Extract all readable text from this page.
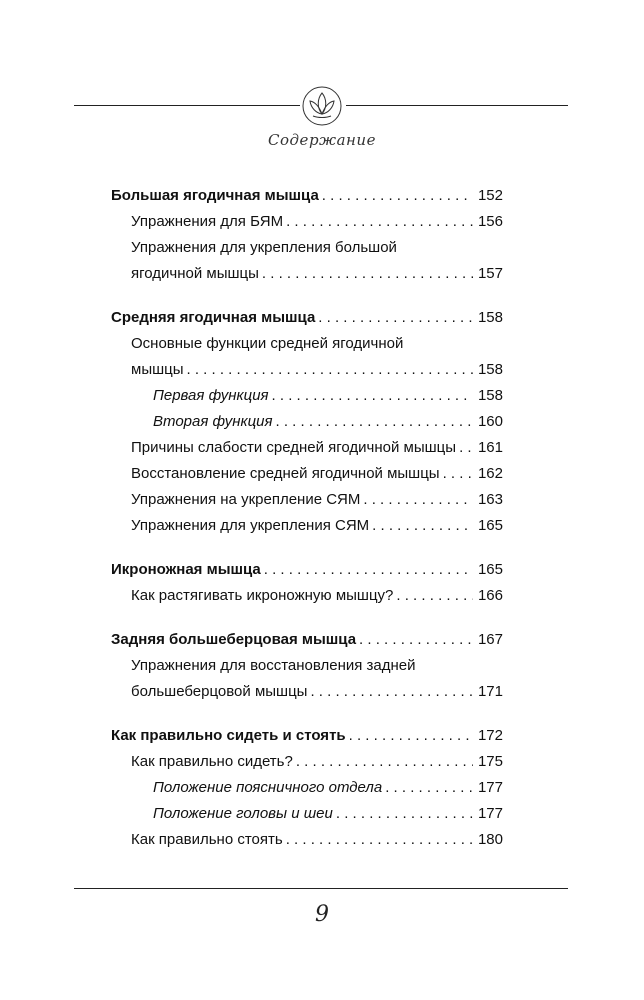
Содержание
Большая ягодичная мышца . . .	152
Упражнения для БЯМ . . .	156
Упражнения для укрепления большой
ягодичной мышцы . . .	157
Средняя ягодичная мышца . . .	158
Основные функции средней ягодичной
мышцы . . .	158
Первая функция . . .	158
Вторая функция . . .	160
Причины слабости средней ягодичной мышцы . . . 161
Восстановление средней ягодичной мышцы . . .	162
Упражнения на укрепление СЯМ . . .	163
Упражнения для укрепления СЯМ . . .	165
Икроножная мышца . . .	165
Как растягивать икроножную мышцу? . . .	166
Задняя большеберцовая мышца . . .	167
Упражнения для восстановления задней
большеберцовой мышцы . . .	171
Как правильно сидеть и стоять . . .	172
Как правильно сидеть? . . .	175
Положение поясничного отдела . . .	177
Положение головы и шеи . . .	177
Как правильно стоять . . .	180
9
